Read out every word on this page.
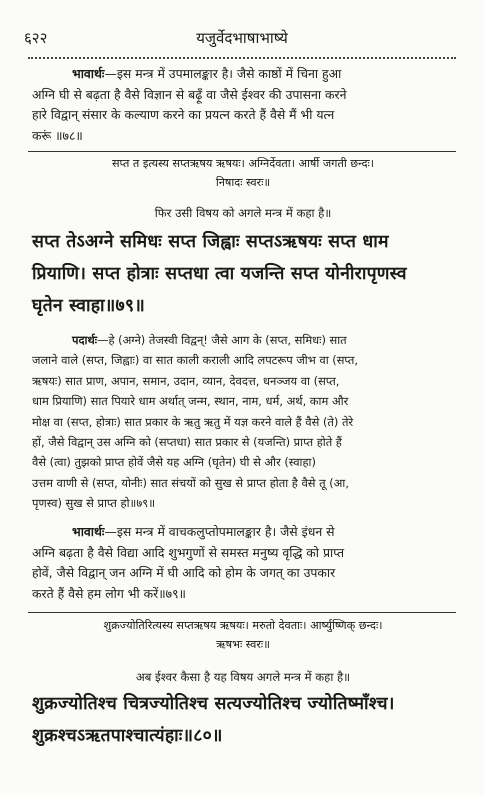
६२२	यजुर्वेदभाषाभाष्ये
भावार्थः—इस मन्त्र में उपमालङ्कार है। जैसे काष्ठों में चिना हुआ
अग्नि घी से बढ़ता है वैसे विज्ञान से बढ़ूँ वा जैसे ईश्वर की उपासना करने
हारे विद्वान् संसार के कल्याण करने का प्रयत्न करते हैं वैसे मैं भी यत्न
करूं ॥७८॥
सप्त त इत्यस्य सप्तऋषय ऋषयः। अग्निर्देवता। आर्षी जगती छन्दः।
निषादः स्वरः॥
फिर उसी विषय को अगले मन्त्र में कहा है॥
सप्त तेऽअग्ने समिधः सप्त जिह्वाः सप्तऽऋषयः सप्त धाम
प्रियाणि। सप्त होत्राः सप्तधा त्वा यजन्ति सप्त योनीरापृणस्व
घृतेन स्वाहा॥७९॥
पदार्थः—हे (अग्ने) तेजस्वी विद्वन्! जैसे आग के (सप्त, समिधः) सात
जलाने वाले (सप्त, जिह्वाः) वा सात काली कराली आदि लपटरूप जीभ वा (सप्त,
ऋषयः) सात प्राण, अपान, समान, उदान, व्यान, देवदत्त, धनञ्जय वा (सप्त,
धाम प्रियाणि) सात पियारे धाम अर्थात् जन्म, स्थान, नाम, धर्म, अर्थ, काम और
मोक्ष वा (सप्त, होत्राः) सात प्रकार के ऋतु ऋतु में यज्ञ करने वाले हैं वैसे (ते) तेरे
हों, जैसे विद्वान् उस अग्नि को (सप्तधा) सात प्रकार से (यजन्ति) प्राप्त होते हैं
वैसे (त्वा) तुझको प्राप्त होवें जैसे यह अग्नि (घृतेन) घी से और (स्वाहा)
उत्तम वाणी से (सप्त, योनीः) सात संचयों को सुख से प्राप्त होता है वैसे तू (आ,
पृणस्व) सुख से प्राप्त हो॥७९॥
भावार्थः—इस मन्त्र में वाचकलुप्तोपमालङ्कार है। जैसे इंधन से
अग्नि बढ़ता है वैसे विद्या आदि शुभगुणों से समस्त मनुष्य वृद्धि को प्राप्त
होवें, जैसे विद्वान् जन अग्नि में घी आदि को होम के जगत् का उपकार
करते हैं वैसे हम लोग भी करें॥७९॥
शुक्रज्योतिरित्यस्य सप्तऋषय ऋषयः। मरुतो देवताः। आर्ष्युष्णिक् छन्दः।
ऋषभः स्वरः॥
अब ईश्वर कैसा है यह विषय अगले मन्त्र में कहा है॥
शुक्रज्योतिश्च चित्रज्योतिश्च सत्यज्योतिश्च ज्योतिष्माँश्च।
शुक्रश्चऽऋतपाश्चात्यंहाः॥८०॥
